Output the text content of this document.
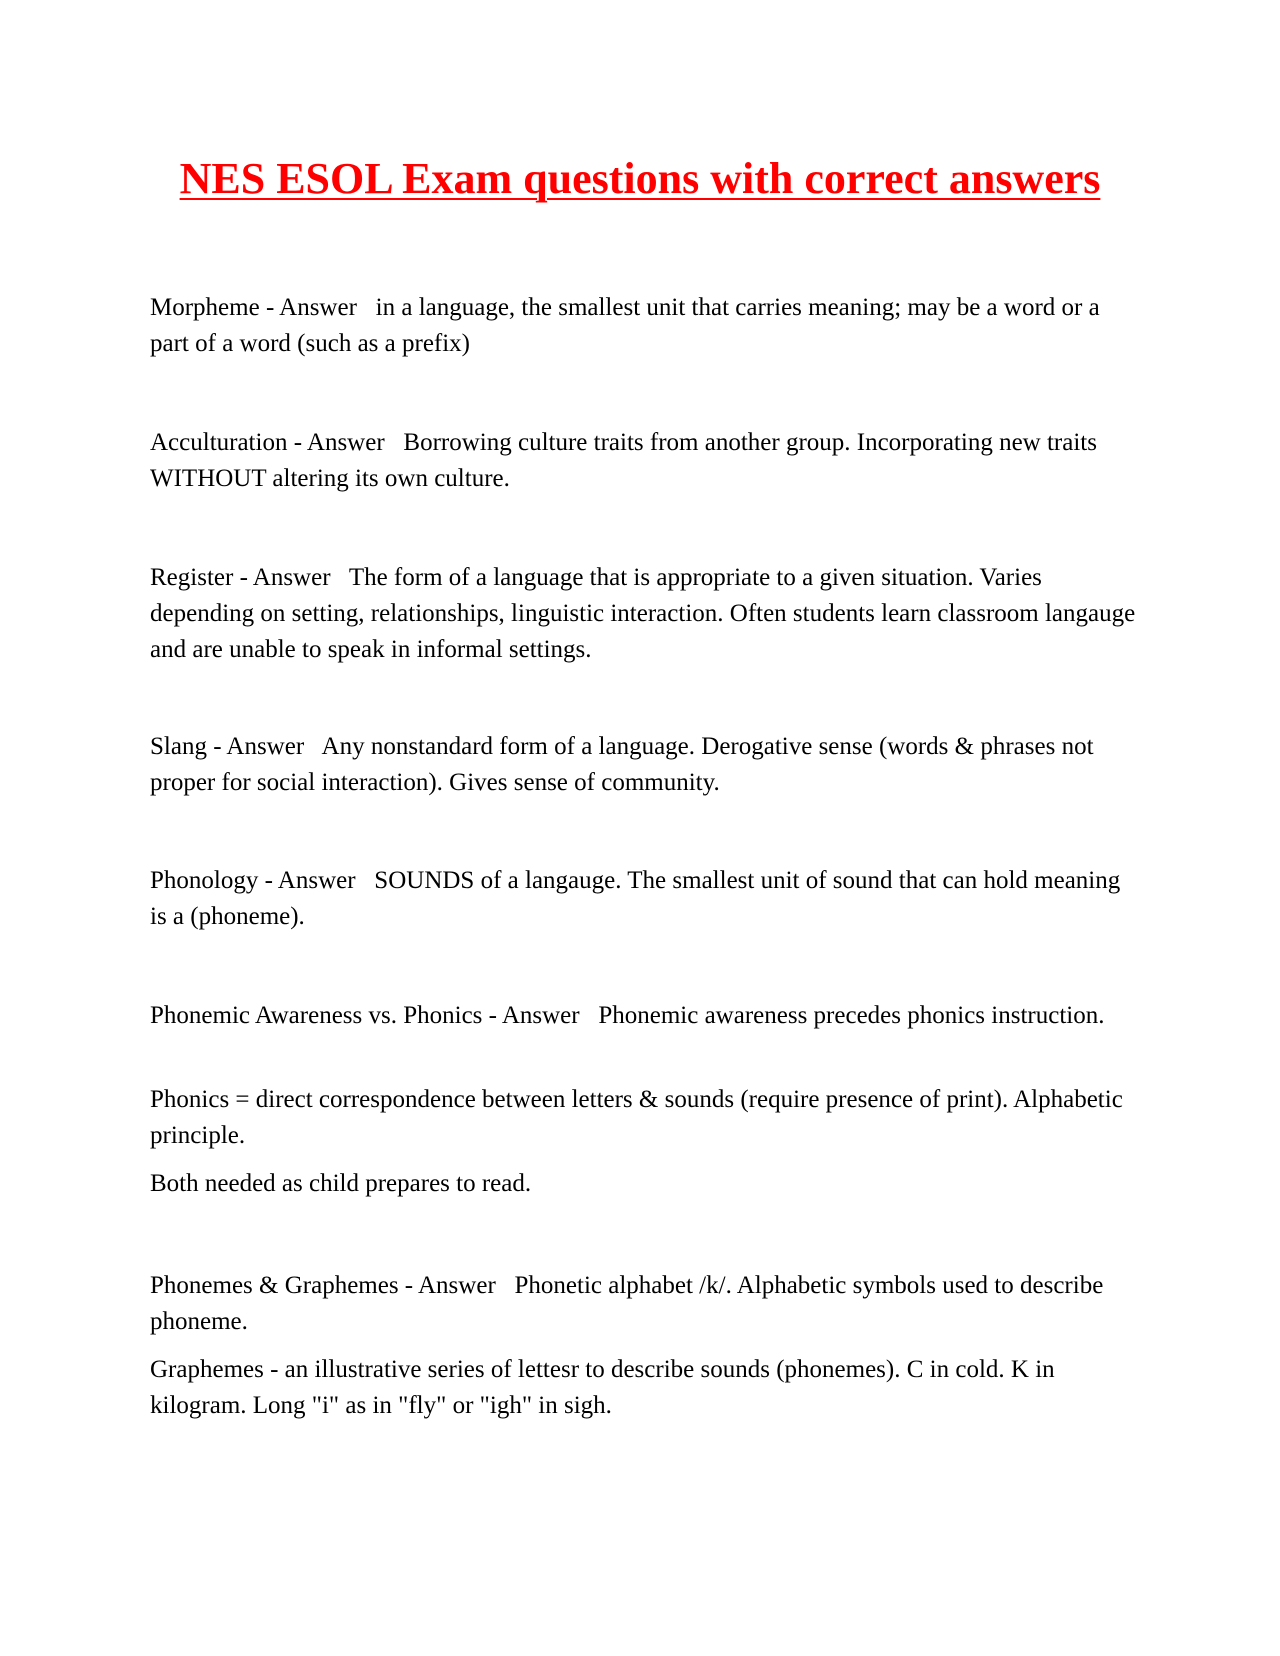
NES ESOL Exam questions with correct answers

Morpheme - Answer   in a language, the smallest unit that carries meaning; may be a word or a part of a word (such as a prefix)

Acculturation - Answer   Borrowing culture traits from another group. Incorporating new traits WITHOUT altering its own culture.

Register - Answer   The form of a language that is appropriate to a given situation. Varies depending on setting, relationships, linguistic interaction. Often students learn classroom langauge and are unable to speak in informal settings.

Slang - Answer   Any nonstandard form of a language. Derogative sense (words & phrases not proper for social interaction). Gives sense of community.

Phonology - Answer   SOUNDS of a langauge. The smallest unit of sound that can hold meaning is a (phoneme).

Phonemic Awareness vs. Phonics - Answer   Phonemic awareness precedes phonics instruction.

Phonics = direct correspondence between letters & sounds (require presence of print). Alphabetic principle.

Both needed as child prepares to read.

Phonemes & Graphemes - Answer   Phonetic alphabet /k/. Alphabetic symbols used to describe phoneme.

Graphemes - an illustrative series of lettesr to describe sounds (phonemes). C in cold. K in kilogram. Long "i" as in "fly" or "igh" in sigh.
